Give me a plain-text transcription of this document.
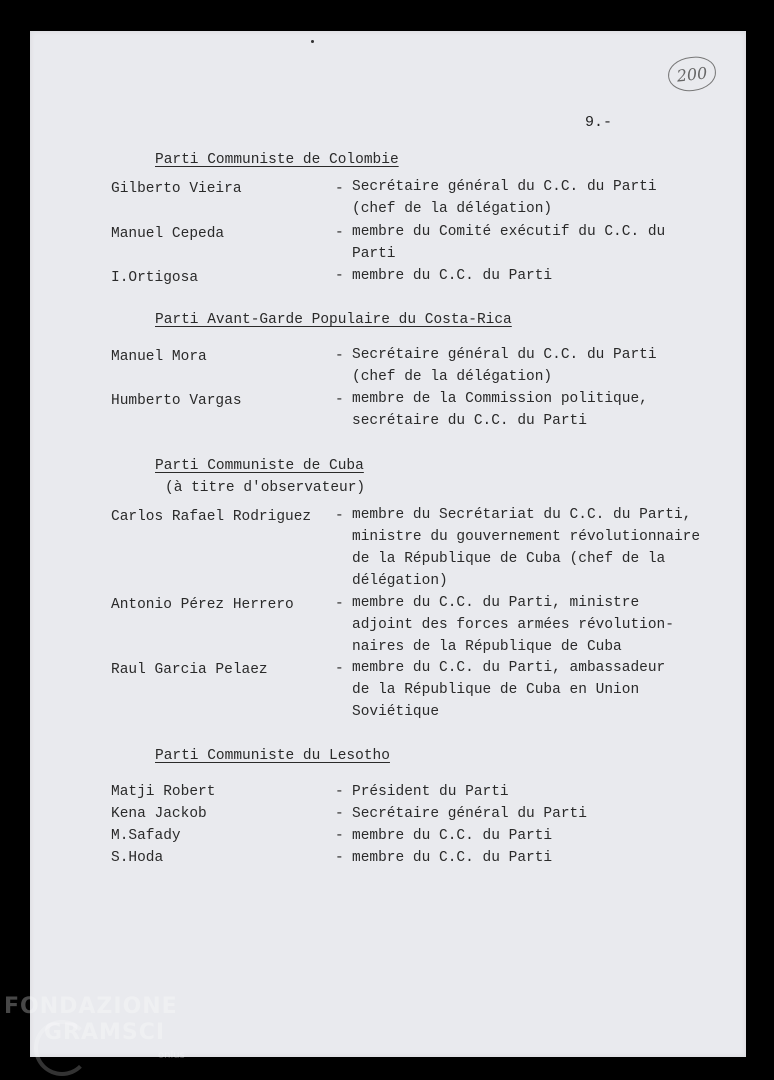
200
9.-
Parti Communiste de Colombie
Gilberto Vieira	- Secrétaire général du C.C. du Parti
(chef de la délégation)
Manuel Cepeda	- membre du Comité exécutif du C.C. du
Parti
I.Ortigosa	- membre du C.C. du Parti
Parti Avant-Garde Populaire du Costa-Rica
Manuel Mora	- Secrétaire général du C.C. du Parti
(chef de la délégation)
Humberto Vargas	- membre de la Commission politique,
secrétaire du C.C. du Parti
Parti Communiste de Cuba
(à titre d'observateur)
Carlos Rafael Rodriguez - membre du Secrétariat du C.C. du Parti,
ministre du gouvernement révolutionnaire
de la République de Cuba (chef de la
délégation)
Antonio Pérez Herrero	- membre du C.C. du Parti, ministre
adjoint des forces armées révolution-
naires de la République de Cuba
Raul Garcia Pelaez	- membre du C.C. du Parti, ambassadeur
de la République de Cuba en Union
Soviétique
Parti Communiste du Lesotho
Matji Robert	- Président du Parti
Kena Jackob	- Secrétaire général du Parti
M.Safady	- membre du C.C. du Parti
S.Hoda	- membre du C.C. du Parti
FONDAZIONE
GRAMSCI
onlus
